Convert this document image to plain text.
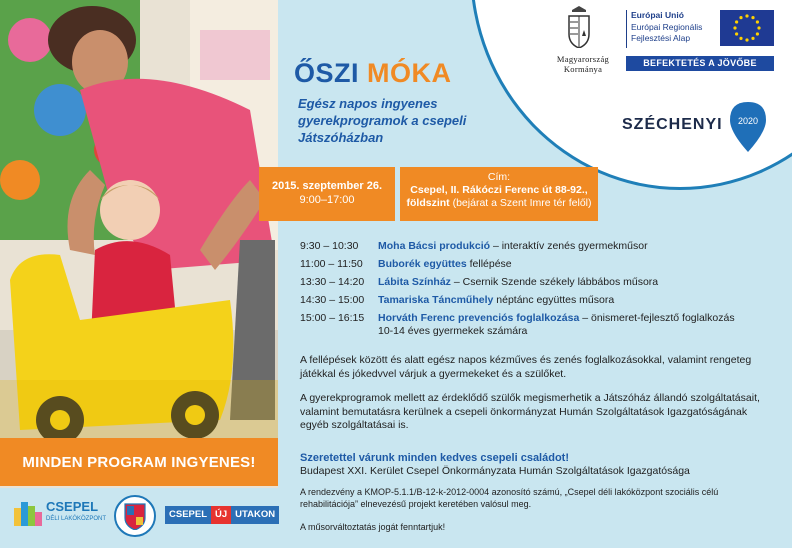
MINDEN PROGRAM INGYENES!
Magyarország
Kormánya
Európai Unió
Európai Regionális
Fejlesztési Alap
BEFEKTETÉS A JÖVŐBE
SZÉCHENYI 2020
ŐSZI MÓKA
Egész napos ingyenes gyerekprogramok a csepeli Játszóházban
2015. szeptember 26.
9:00–17:00
Cím:
Csepel, II. Rákóczi Ferenc út 88-92.,
földszint (bejárat a Szent Imre tér felől)
9:30 – 10:30	Moha Bácsi produkció – interaktív zenés gyermekműsor
11:00 – 11:50	Buborék együttes fellépése
13:30 – 14:20	Lábita Színház – Csernik Szende székely lábbábos műsora
14:30 – 15:00	Tamariska Táncműhely néptánc együttes műsora
15:00 – 16:15	Horváth Ferenc prevenciós foglalkozása – önismeret-fejlesztő foglalkozás 10-14 éves gyermekek számára
A fellépések között és alatt egész napos kézműves és zenés foglalkozásokkal, valamint rengeteg játékkal és jókedvvel várjuk a gyermekeket és a szülőket.
A gyerekprogramok mellett az érdeklődő szülők megismerhetik a Játszóház állandó szolgáltatásait, valamint bemutatásra kerülnek a csepeli önkormányzat Humán Szolgáltatások Igazgatóságának egyéb szolgáltatásai is.
Szeretettel várunk minden kedves csepeli családot!
Budapest XXI. Kerület Csepel Önkormányzata Humán Szolgáltatások Igazgatósága
A rendezvény a KMOP-5.1.1/B-12-k-2012-0004 azonosító számú, „Csepel déli lakóközpont szociális célú rehabilitációja” elnevezésű projekt keretében valósul meg.
A műsorváltoztatás jogát fenntartjuk!
CSEPEL
DÉLI LAKÓKÖZPONT	CSEPEL ÚJ UTAKON
